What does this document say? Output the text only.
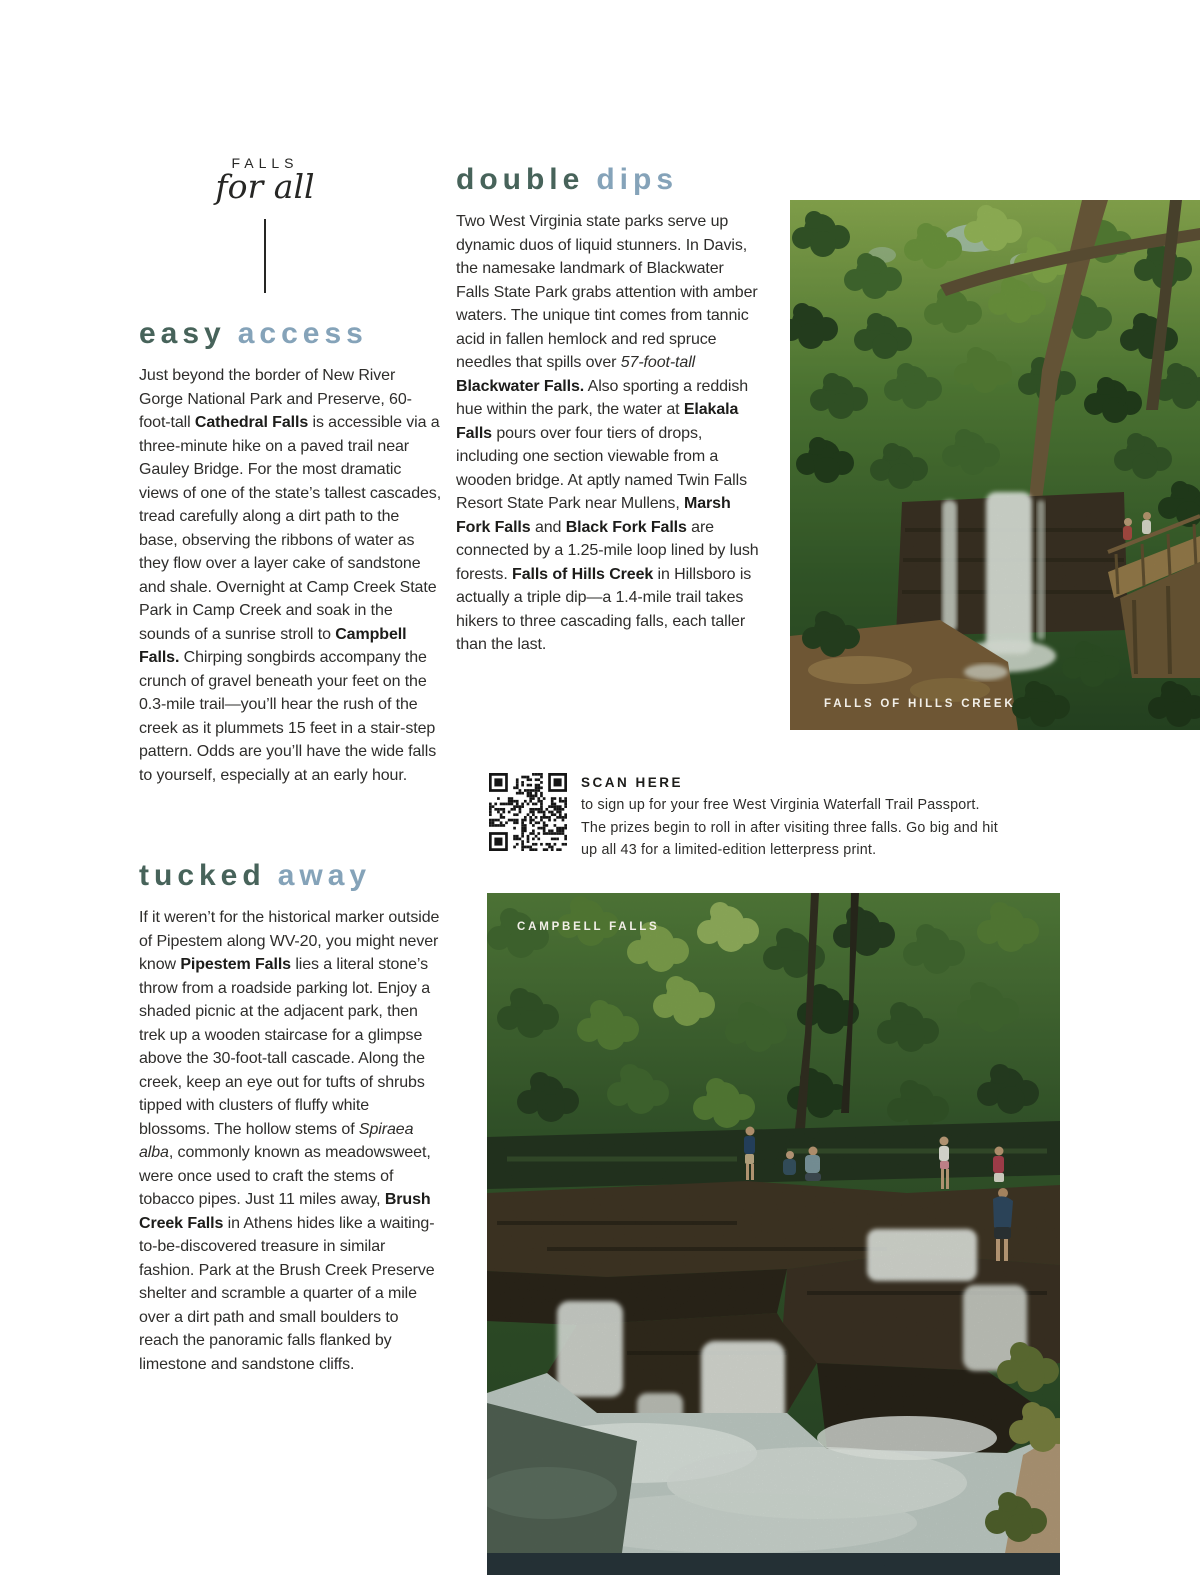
FALLS
for all
easy access

Just beyond the border of New River Gorge National Park and Preserve, 60-foot-tall Cathedral Falls is accessible via a three-minute hike on a paved trail near Gauley Bridge. For the most dramatic views of one of the state’s tallest cascades, tread carefully along a dirt path to the base, observing the ribbons of water as they flow over a layer cake of sandstone and shale. Overnight at Camp Creek State Park in Camp Creek and soak in the sounds of a sunrise stroll to Campbell Falls. Chirping songbirds accompany the crunch of gravel beneath your feet on the 0.3-mile trail—you’ll hear the rush of the creek as it plummets 15 feet in a stair-step pattern. Odds are you’ll have the wide falls to yourself, especially at an early hour.

tucked away

If it weren’t for the historical marker outside of Pipestem along WV-20, you might never know Pipestem Falls lies a literal stone’s throw from a roadside parking lot. Enjoy a shaded picnic at the adjacent park, then trek up a wooden staircase for a glimpse above the 30-foot-tall cascade. Along the creek, keep an eye out for tufts of shrubs tipped with clusters of fluffy white blossoms. The hollow stems of Spiraea alba, commonly known as meadowsweet, were once used to craft the stems of tobacco pipes. Just 11 miles away, Brush Creek Falls in Athens hides like a waiting-to-be-discovered treasure in similar fashion. Park at the Brush Creek Preserve shelter and scramble a quarter of a mile over a dirt path and small boulders to reach the panoramic falls flanked by limestone and sandstone cliffs.

double dips

Two West Virginia state parks serve up dynamic duos of liquid stunners. In Davis, the namesake landmark of Blackwater Falls State Park grabs attention with amber waters. The unique tint comes from tannic acid in fallen hemlock and red spruce needles that spills over 57-foot-tall Blackwater Falls. Also sporting a reddish hue within the park, the water at Elakala Falls pours over four tiers of drops, including one section viewable from a wooden bridge. At aptly named Twin Falls Resort State Park near Mullens, Marsh Fork Falls and Black Fork Falls are connected by a 1.25-mile loop lined by lush forests. Falls of Hills Creek in Hillsboro is actually a triple dip—a 1.4-mile trail takes hikers to three cascading falls, each taller than the last.

SCAN HERE

to sign up for your free West Virginia Waterfall Trail Passport. The prizes begin to roll in after visiting three falls. Go big and hit up all 43 for a limited-edition letterpress print.

FALLS OF HILLS CREEK
CAMPBELL FALLS
